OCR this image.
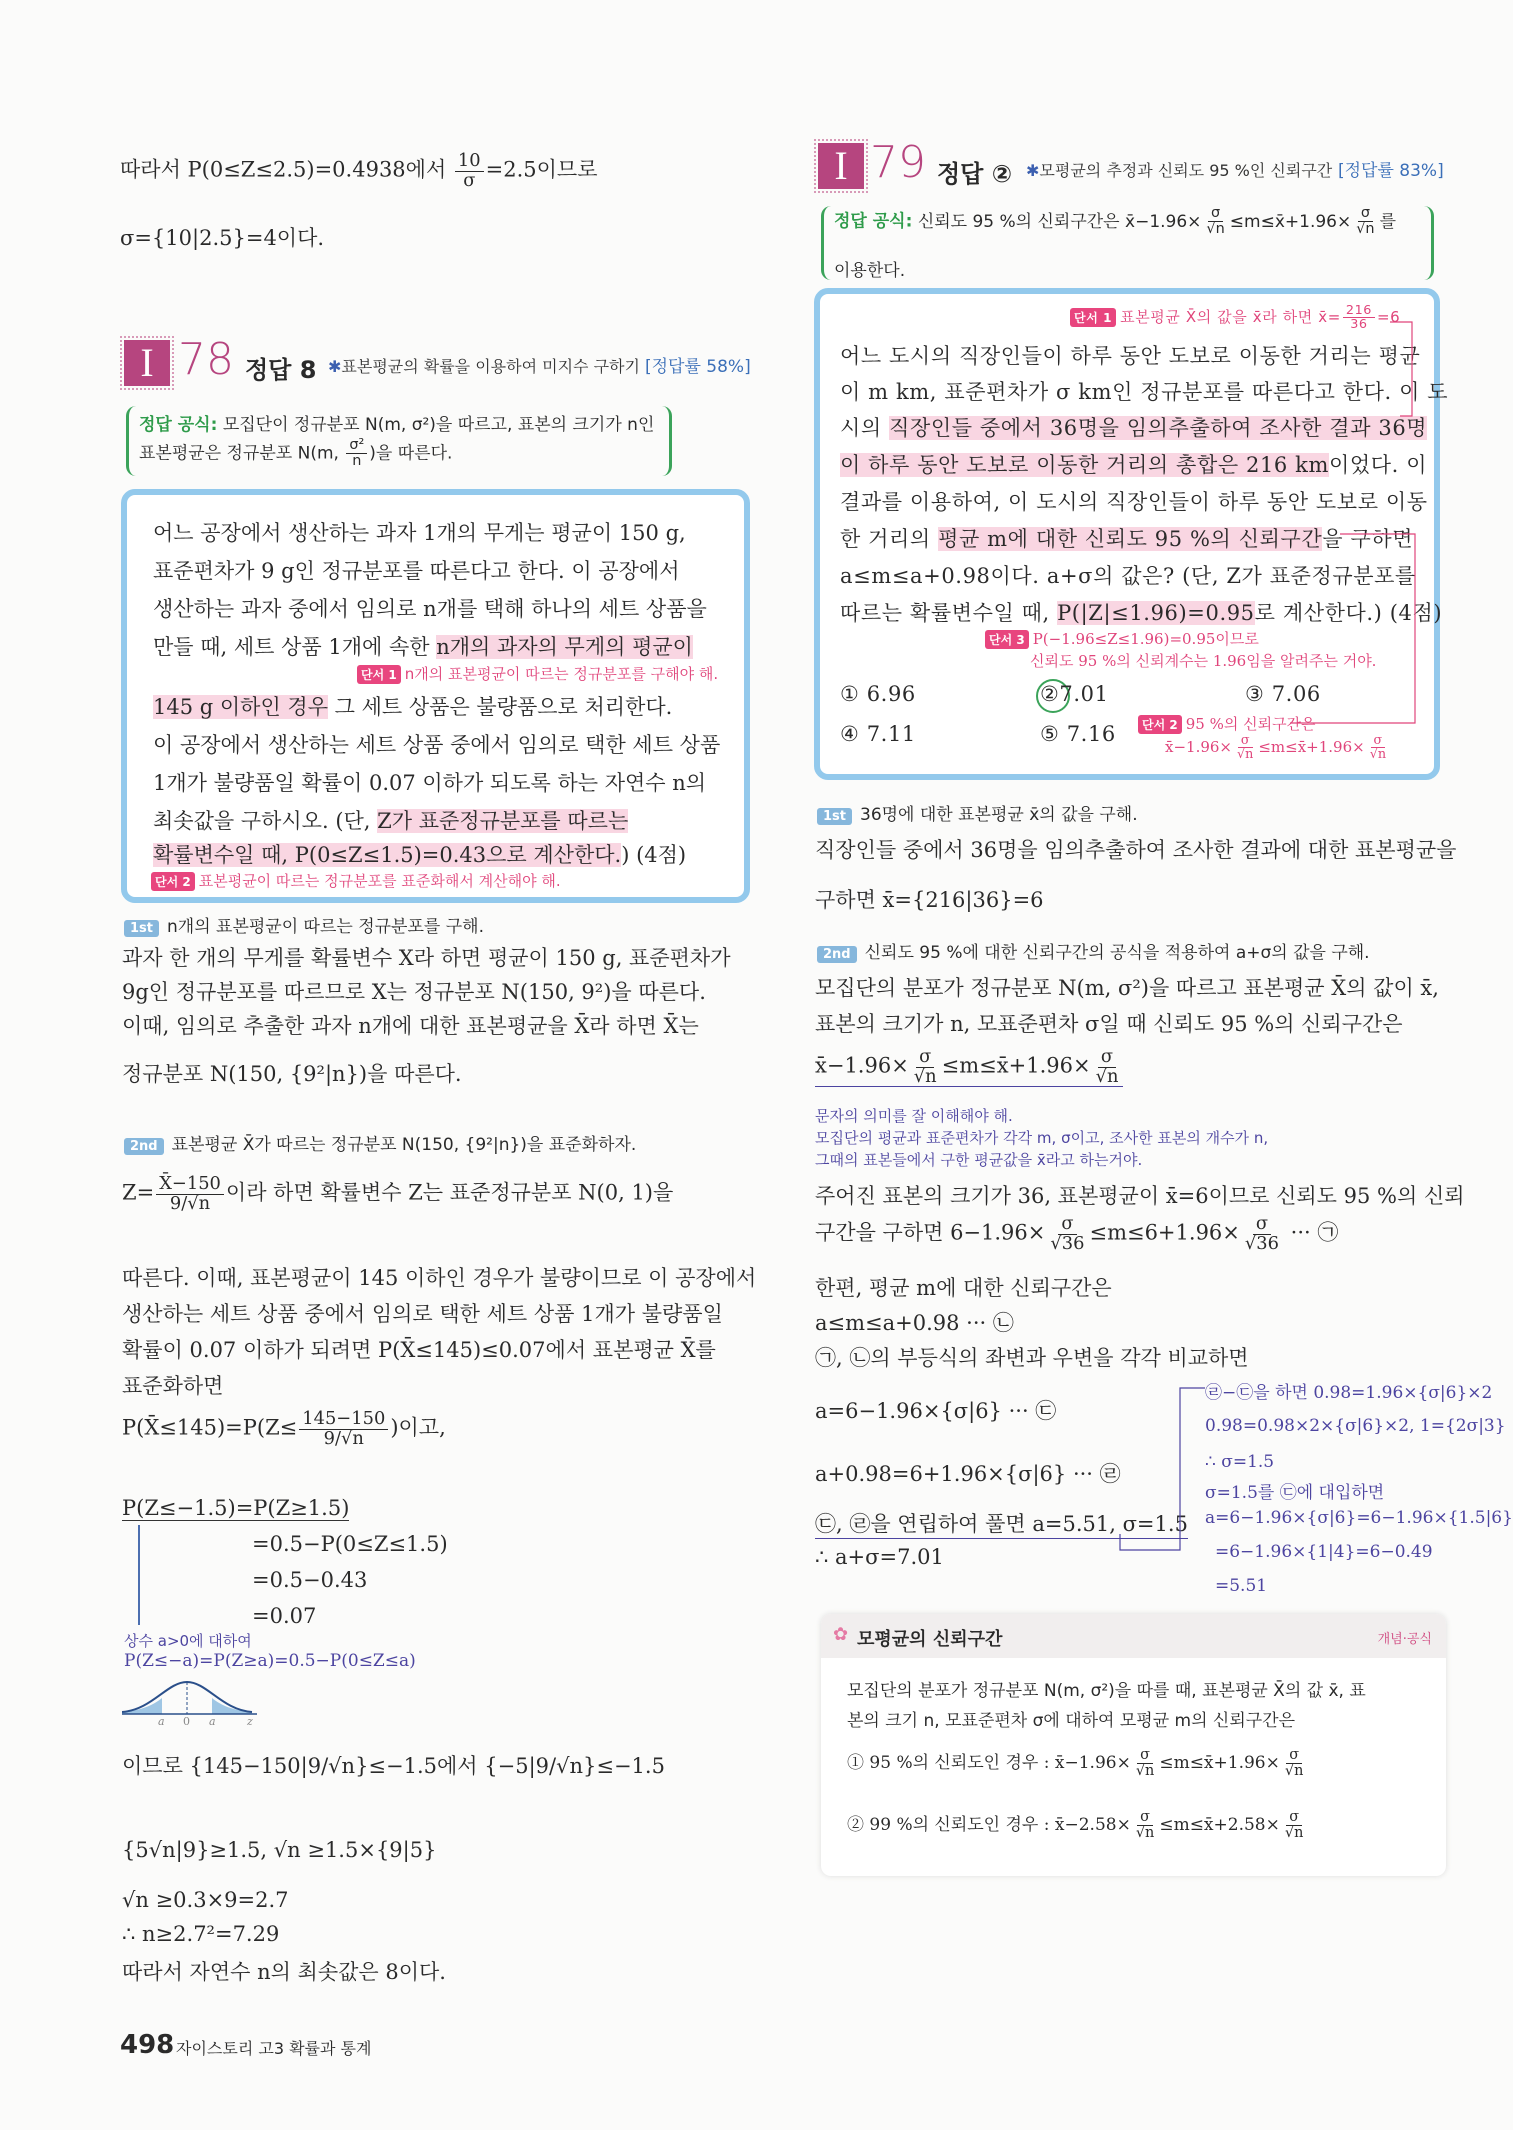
따라서 P(0≤Z≤2.5)=0.4938에서 $\frac{10}{\sigma} =2.5$이므로
σ={10|2.5}=4이다.
I 78 정답 8 ✱표본평균의 확률을 이용하여 미지수 구하기 [정답률 58%]
정답 공식: 모집단이 정규분포 N(m, σ²)을 따르고, 표본의 크기가 n인
표본평균은 정규분포 N(m, $\frac{\text{σ²}}{n}$ )을 따른다.
어느 공장에서 생산하는 과자 1개의 무게는 평균이 150 g,
표준편차가 9 g인 정규분포를 따른다고 한다. 이 공장에서
생산하는 과자 중에서 임의로 n개를 택해 하나의 세트 상품을
만들 때, 세트 상품 1개에 속한 n개의 과자의 무게의 평균이
단서 1 n개의 표본평균이 따르는 정규분포를 구해야 해.
145 g 이하인 경우 그 세트 상품은 불량품으로 처리한다.
이 공장에서 생산하는 세트 상품 중에서 임의로 택한 세트 상품
1개가 불량품일 확률이 0.07 이하가 되도록 하는 자연수 n의
최솟값을 구하시오. (단, Z가 표준정규분포를 따르는
확률변수일 때, P(0≤Z≤1.5)=0.43으로 계산한다.) (4점)
단서 2 표본평균이 따르는 정규분포를 표준화해서 계산해야 해.
1st n개의 표본평균이 따르는 정규분포를 구해.
과자 한 개의 무게를 확률변수 X라 하면 평균이 150 g, 표준편차가
9g인 정규분포를 따르므로 X는 정규분포 N(150, 9²)을 따른다.
이때, 임의로 추출한 과자 n개에 대한 표본평균을 X̄라 하면 X̄는
정규분포 N(150, {9²|n})을 따른다.
2nd 표본평균 X̄가 따르는 정규분포 N(150, {9²|n})을 표준화하자.
$Z= \frac{X̄-150}{9/√n}$ 이라 하면 확률변수 Z는 표준정규분포 N(0, 1)을
따른다. 이때, 표본평균이 145 이하인 경우가 불량이므로 이 공장에서
생산하는 세트 상품 중에서 임의로 택한 세트 상품 1개가 불량품일
확률이 0.07 이하가 되려면 P(X̄≤145)≤0.07에서 표본평균 X̄를
표준화하면
P(X̄≤145)=P(Z≤ $\frac{145-150}{9/√n}$ )이고,
P(Z≤−1.5)=P(Z≥1.5)
=0.5−P(0≤Z≤1.5)
=0.5−0.43
=0.07
상수 a>0에 대하여
P(Z≤−a)=P(Z≥a)=0.5−P(0≤Z≤a)
a 0 a	z
이므로 {145−150|9/√n}≤−1.5에서 {−5|9/√n}≤−1.5
{5√n|9}≥1.5, √n ≥1.5×{9|5}
√n ≥0.3×9=2.7
∴ n≥2.7²=7.29
따라서 자연수 n의 최솟값은 8이다.
498 자이스토리 고3 확률과 통계
I 79 정답 ② ✱모평균의 추정과 신뢰도 95 %인 신뢰구간 [정답률 83%]
정답 공식: 신뢰도 95 %의 신뢰구간은 x̄−1.96× $\frac{\sigma}{√n}$ ≤m≤x̄+1.96× $\frac{\sigma}{√n}$ 를
이용한다.
단서 1 표본평균 X̄의 값을 x̄라 하면 x̄= $\frac{216}{36} =6$
어느 도시의 직장인들이 하루 동안 도보로 이동한 거리는 평균
이 m km, 표준편차가 σ km인 정규분포를 따른다고 한다. 이 도
시의 직장인들 중에서 36명을 임의추출하여 조사한 결과 36명
이 하루 동안 도보로 이동한 거리의 총합은 216 km이었다. 이
결과를 이용하여, 이 도시의 직장인들이 하루 동안 도보로 이동
한 거리의 평균 m에 대한 신뢰도 95 %의 신뢰구간을 구하면
a≤m≤a+0.98이다. a+σ의 값은? (단, Z가 표준정규분포를
따르는 확률변수일 때, P(|Z|≤1.96)=0.95로 계산한다.) (4점)
단서 3 P(−1.96≤Z≤1.96)=0.95이므로
신뢰도 95 %의 신뢰계수는 1.96임을 알려주는 거야.
① 6.96	②7.01	③ 7.06
④ 7.11	⑤ 7.16	단서 2 95 %의 신뢰구간은
x̄−1.96× $\frac{\sigma}{√n}$ ≤m≤x̄+1.96× $\frac{\sigma}{√n}$
1st 36명에 대한 표본평균 x̄의 값을 구해.
직장인들 중에서 36명을 임의추출하여 조사한 결과에 대한 표본평균을
구하면 x̄={216|36}=6
2nd 신뢰도 95 %에 대한 신뢰구간의 공식을 적용하여 a+σ의 값을 구해.
모집단의 분포가 정규분포 N(m, σ²)을 따르고 표본평균 X̄의 값이 x̄,
표본의 크기가 n, 모표준편차 σ일 때 신뢰도 95 %의 신뢰구간은
x̄−1.96× $\frac{\sigma}{√n}$ ≤m≤x̄+1.96× $\frac{\sigma}{√n}$
문자의 의미를 잘 이해해야 해.
모집단의 평균과 표준편차가 각각 m, σ이고, 조사한 표본의 개수가 n,
그때의 표본들에서 구한 평균값을 x̄라고 하는거야.
주어진 표본의 크기가 36, 표본평균이 x̄=6이므로 신뢰도 95 %의 신뢰
구간을 구하면 $6-1.96\times \frac{\sigma}{√36} \le m\le 6+1.96\times \frac{\sigma}{√36}$ ··· ㉠
한편, 평균 m에 대한 신뢰구간은
a≤m≤a+0.98 ··· ㉡
㉠, ㉡의 부등식의 좌변과 우변을 각각 비교하면
a=6−1.96×{σ|6} ··· ㉢
a+0.98=6+1.96×{σ|6} ··· ㉣
㉢, ㉣을 연립하여 풀면 a=5.51, σ=1.5
∴ a+σ=7.01
㉣−㉢을 하면 0.98=1.96×{σ|6}×2
0.98=0.98×2×{σ|6}×2, 1={2σ|3}
∴ σ=1.5
σ=1.5를 ㉢에 대입하면
a=6−1.96×{σ|6}=6−1.96×{1.5|6}
=6−1.96×{1|4}=6−0.49
=5.51
✿ 모평균의 신뢰구간	개념·공식
모집단의 분포가 정규분포 N(m, σ²)을 따를 때, 표본평균 X̄의 값 x̄, 표
본의 크기 n, 모표준편차 σ에 대하여 모평균 m의 신뢰구간은
① 95 %의 신뢰도인 경우 : x̄−1.96× $\frac{\sigma}{√n}$ ≤m≤x̄+1.96× $\frac{\sigma}{√n}$
② 99 %의 신뢰도인 경우 : x̄−2.58× $\frac{\sigma}{√n}$ ≤m≤x̄+2.58× $\frac{\sigma}{√n}$
